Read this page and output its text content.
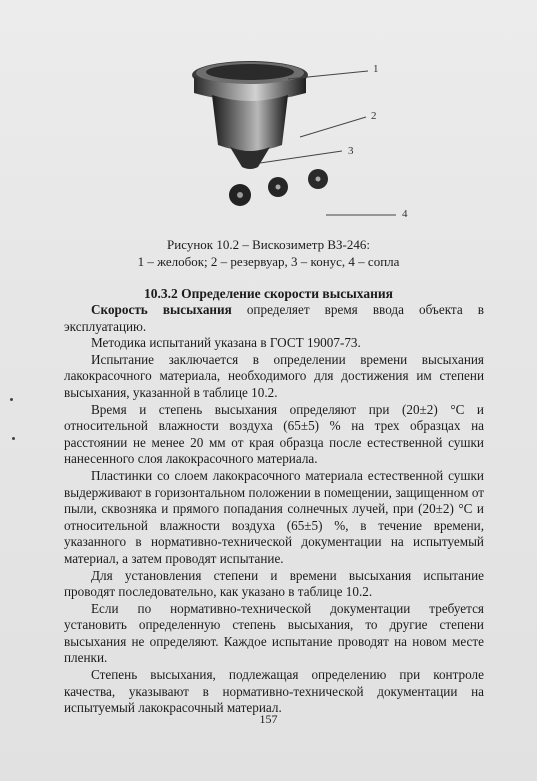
1
2
3
4
Рисунок 10.2 – Вискозиметр ВЗ-246:
1 – желобок; 2 – резервуар, 3 – конус, 4 – сопла
10.3.2 Определение скорости высыхания

Скорость высыхания определяет время ввода объекта в эксплуатацию.

Методика испытаний указана в ГОСТ 19007-73.

Испытание заключается в определении времени высыхания лакокрасочного материала, необходимого для достижения им степени высыхания, указанной в таблице 10.2.

Время и степень высыхания определяют при (20±2) °С и относительной влажности воздуха (65±5) % на трех образцах на расстоянии не менее 20 мм от края образца после естественной сушки нанесенного слоя лакокрасочного материала.

Пластинки со слоем лакокрасочного материала естественной сушки выдерживают в горизонтальном положении в помещении, защищенном от пыли, сквозняка и прямого попадания солнечных лучей, при (20±2) °С и относительной влажности воздуха (65±5) %, в течение времени, указанного в нормативно-технической документации на испытуемый материал, а затем проводят испытание.

Для установления степени и времени высыхания испытание проводят последовательно, как указано в таблице 10.2.

Если по нормативно-технической документации требуется установить определенную степень высыхания, то другие степени высыхания не определяют. Каждое испытание проводят на новом месте пленки.

Степень высыхания, подлежащая определению при контроле качества, указывают в нормативно-технической документации на испытуемый лакокрасочный материал.

157
